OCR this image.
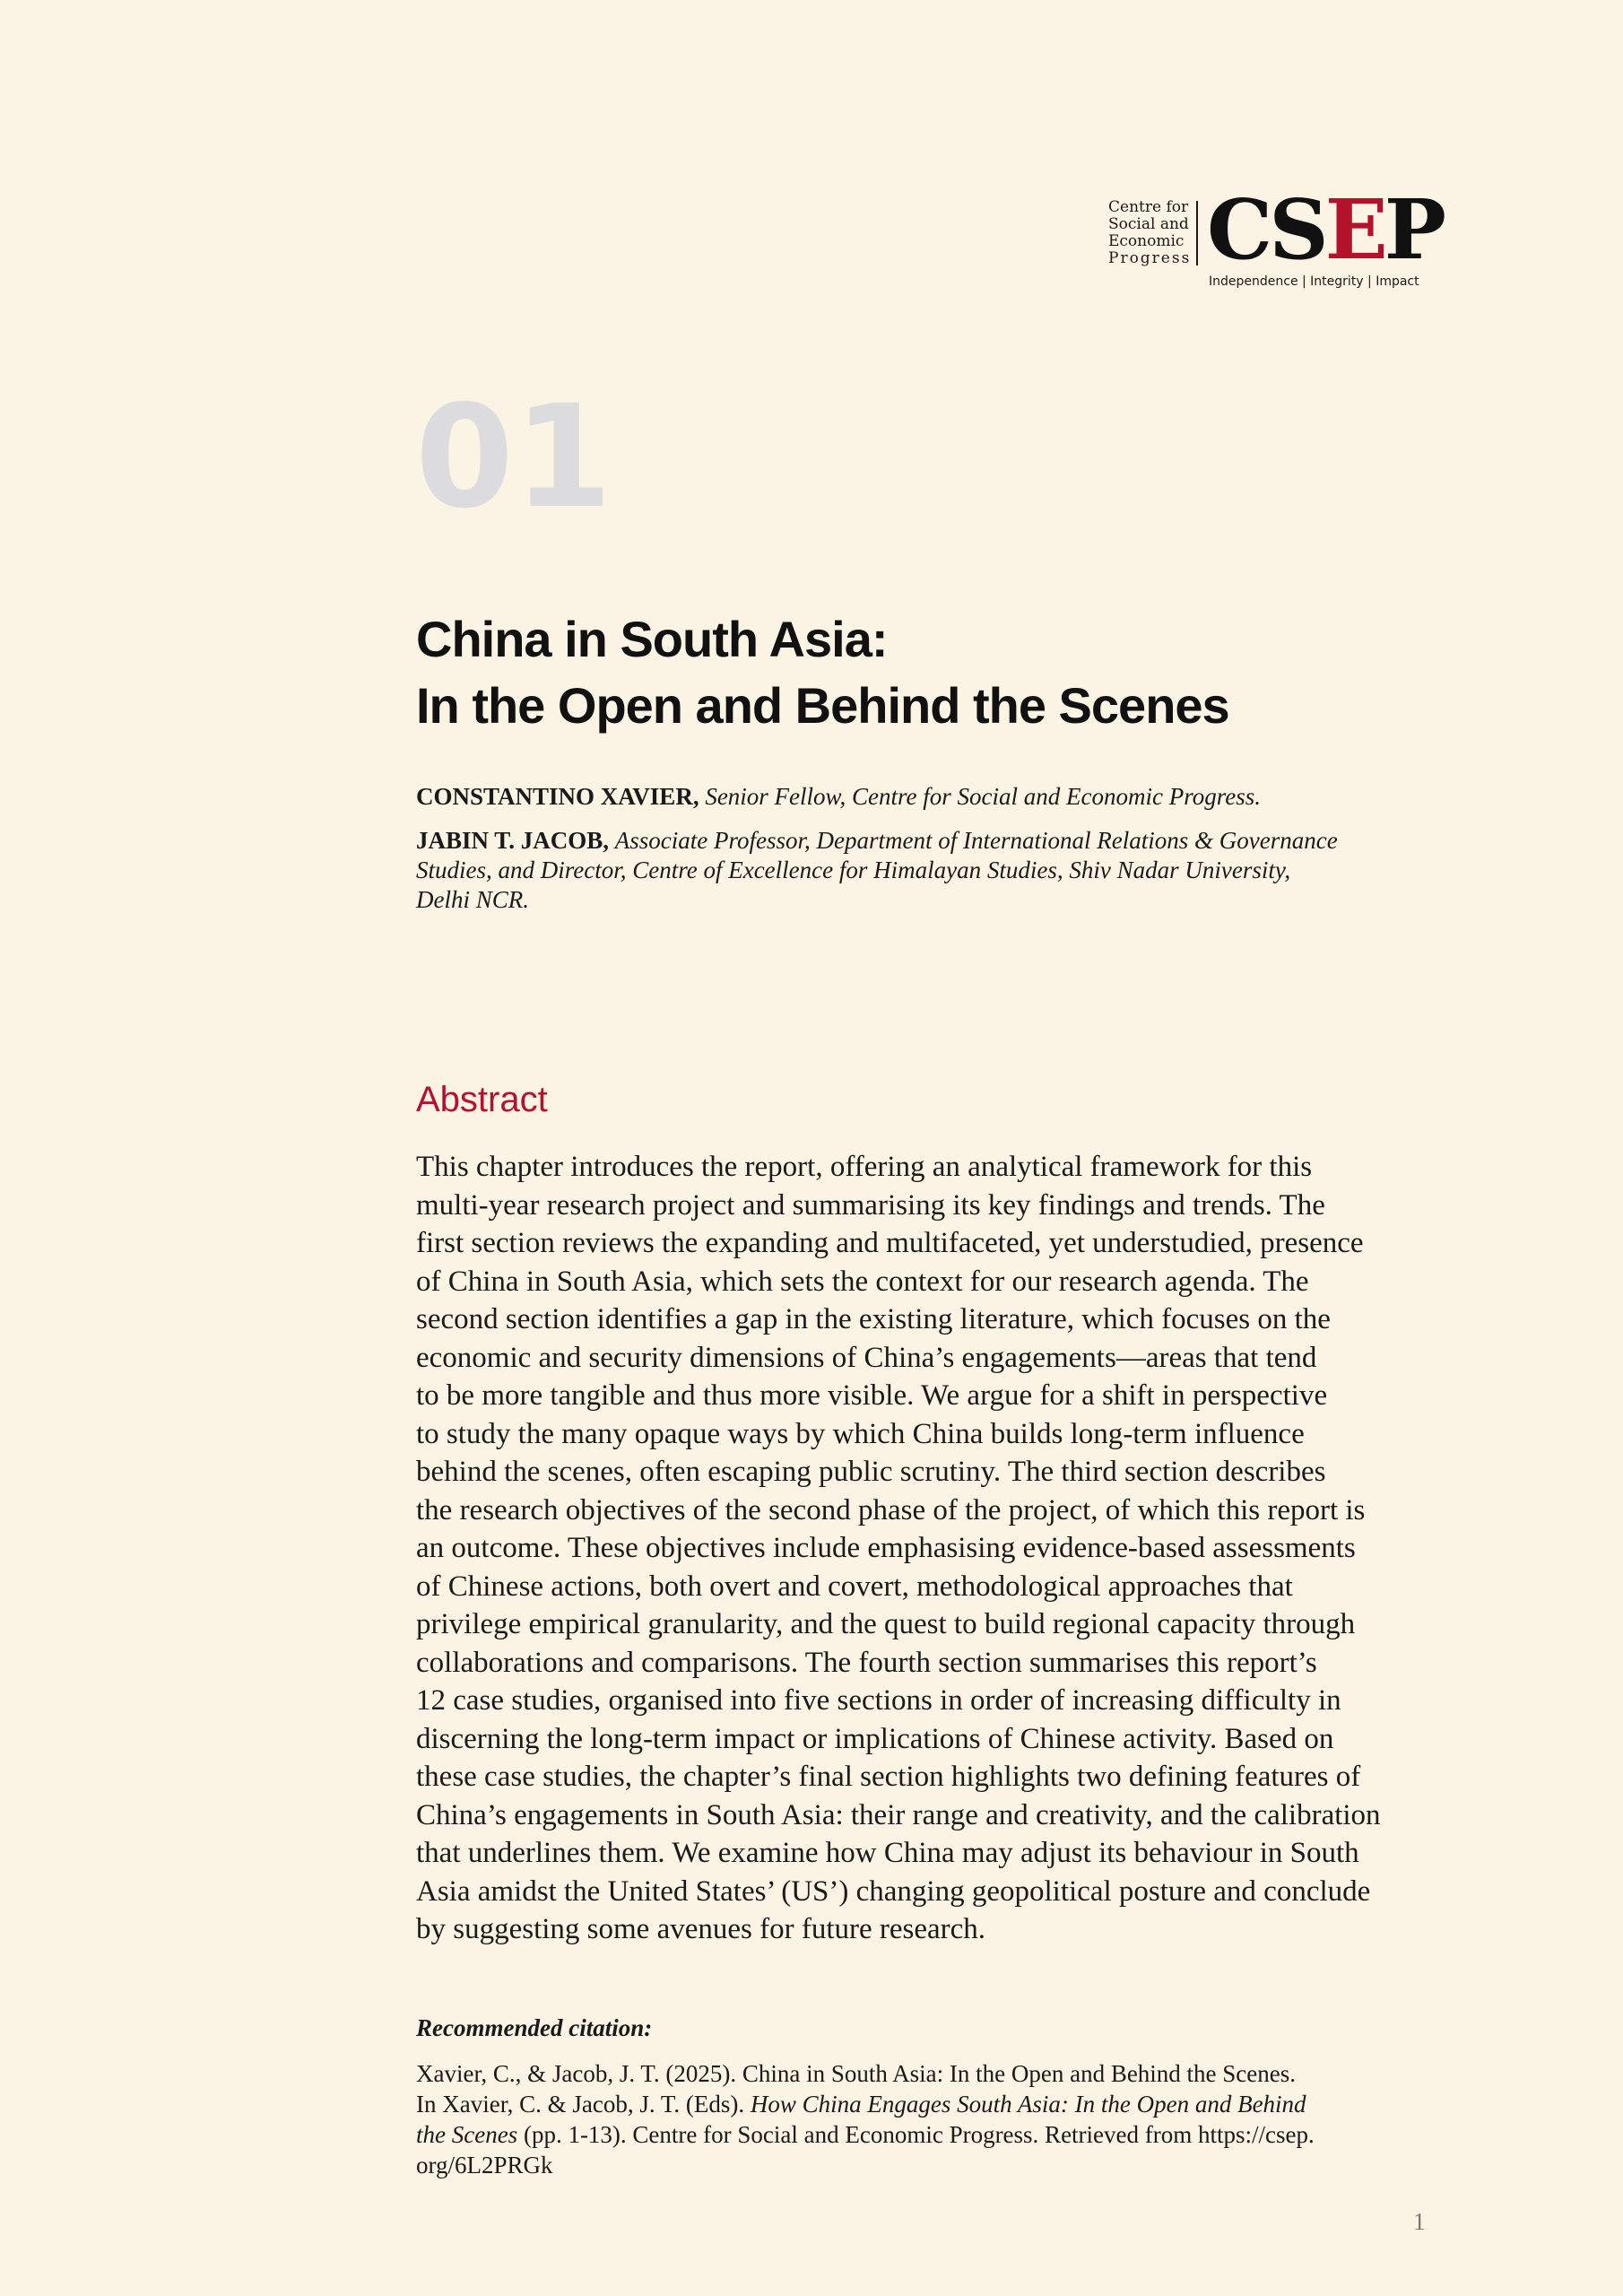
Centre for
Social and
Economic
Progress CSEP
Independence | Integrity | Impact
01
China in South Asia:
In the Open and Behind the Scenes
CONSTANTINO XAVIER, Senior Fellow, Centre for Social and Economic Progress.
JABIN T. JACOB, Associate Professor, Department of International Relations & Governance
Studies, and Director, Centre of Excellence for Himalayan Studies, Shiv Nadar University,
Delhi NCR.
Abstract
This chapter introduces the report, offering an analytical framework for this
multi-year research project and summarising its key findings and trends. The
first section reviews the expanding and multifaceted, yet understudied, presence
of China in South Asia, which sets the context for our research agenda. The
second section identifies a gap in the existing literature, which focuses on the
economic and security dimensions of China’s engagements—areas that tend
to be more tangible and thus more visible. We argue for a shift in perspective
to study the many opaque ways by which China builds long-term influence
behind the scenes, often escaping public scrutiny. The third section describes
the research objectives of the second phase of the project, of which this report is
an outcome. These objectives include emphasising evidence-based assessments
of Chinese actions, both overt and covert, methodological approaches that
privilege empirical granularity, and the quest to build regional capacity through
collaborations and comparisons. The fourth section summarises this report’s
12 case studies, organised into five sections in order of increasing difficulty in
discerning the long-term impact or implications of Chinese activity. Based on
these case studies, the chapter’s final section highlights two defining features of
China’s engagements in South Asia: their range and creativity, and the calibration
that underlines them. We examine how China may adjust its behaviour in South
Asia amidst the United States’ (US’) changing geopolitical posture and conclude
by suggesting some avenues for future research.
Recommended citation:
Xavier, C., & Jacob, J. T. (2025). China in South Asia: In the Open and Behind the Scenes.
In Xavier, C. & Jacob, J. T. (Eds). How China Engages South Asia: In the Open and Behind
the Scenes (pp. 1-13). Centre for Social and Economic Progress. Retrieved from https://csep.
org/6L2PRGk
1
